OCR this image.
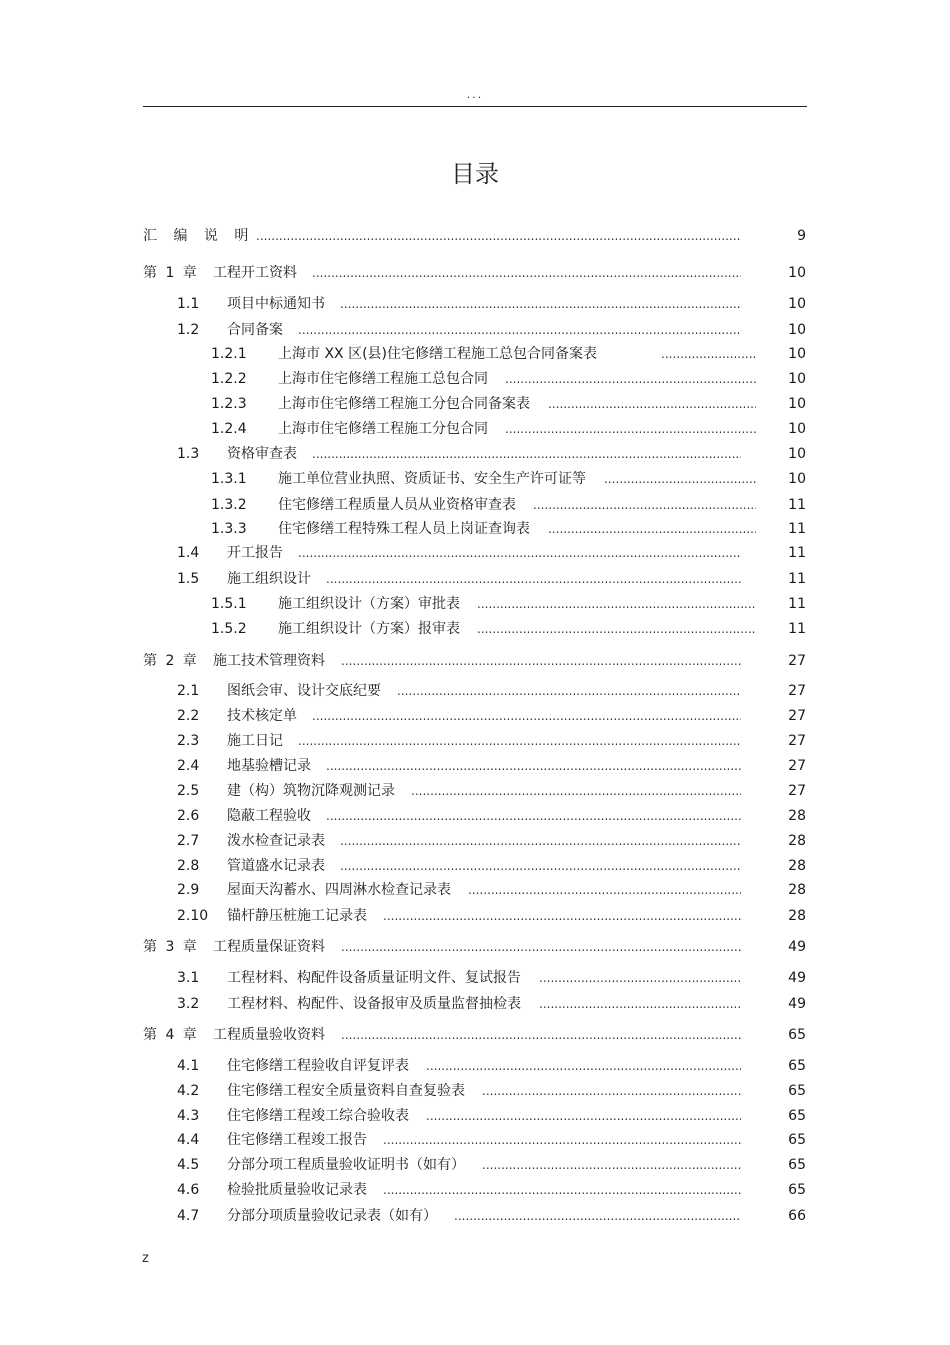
...
目录
汇 编 说 明 .....	9
第 1 章 工程开工资料 .....	10
1.1 项目中标通知书 .....	10
1.2 合同备案 .....	10
1.2.1 上海市 XX 区(县)住宅修缮工程施工总包合同备案表 .....	10
1.2.2 上海市住宅修缮工程施工总包合同 .....	10
1.2.3 上海市住宅修缮工程施工分包合同备案表 .....	10
1.2.4 上海市住宅修缮工程施工分包合同 .....	10
1.3 资格审查表 .....	10
1.3.1 施工单位营业执照、资质证书、安全生产许可证等 .....	10
1.3.2 住宅修缮工程质量人员从业资格审查表 .....	11
1.3.3 住宅修缮工程特殊工程人员上岗证查询表 .....	11
1.4 开工报告 .....	11
1.5 施工组织设计 .....	11
1.5.1 施工组织设计（方案）审批表 .....	11
1.5.2 施工组织设计（方案）报审表 .....	11
第 2 章 施工技术管理资料 .....	27
2.1 图纸会审、设计交底纪要 .....	27
2.2 技术核定单 .....	27
2.3 施工日记 .....	27
2.4 地基验槽记录 .....	27
2.5 建（构）筑物沉降观测记录 .....	27
2.6 隐蔽工程验收 .....	28
2.7 泼水检查记录表 .....	28
2.8 管道盛水记录表 .....	28
2.9 屋面天沟蓄水、四周淋水检查记录表 .....	28
2.10 锚杆静压桩施工记录表 .....	28
第 3 章 工程质量保证资料 .....	49
3.1 工程材料、构配件设备质量证明文件、复试报告 .....	49
3.2 工程材料、构配件、设备报审及质量监督抽检表 .....	49
第 4 章 工程质量验收资料 .....	65
4.1 住宅修缮工程验收自评复评表 .....	65
4.2 住宅修缮工程安全质量资料自查复验表 .....	65
4.3 住宅修缮工程竣工综合验收表 .....	65
4.4 住宅修缮工程竣工报告 .....	65
4.5 分部分项工程质量验收证明书（如有） .....	65
4.6 检验批质量验收记录表 .....	65
4.7 分部分项质量验收记录表（如有） .....	66
z
